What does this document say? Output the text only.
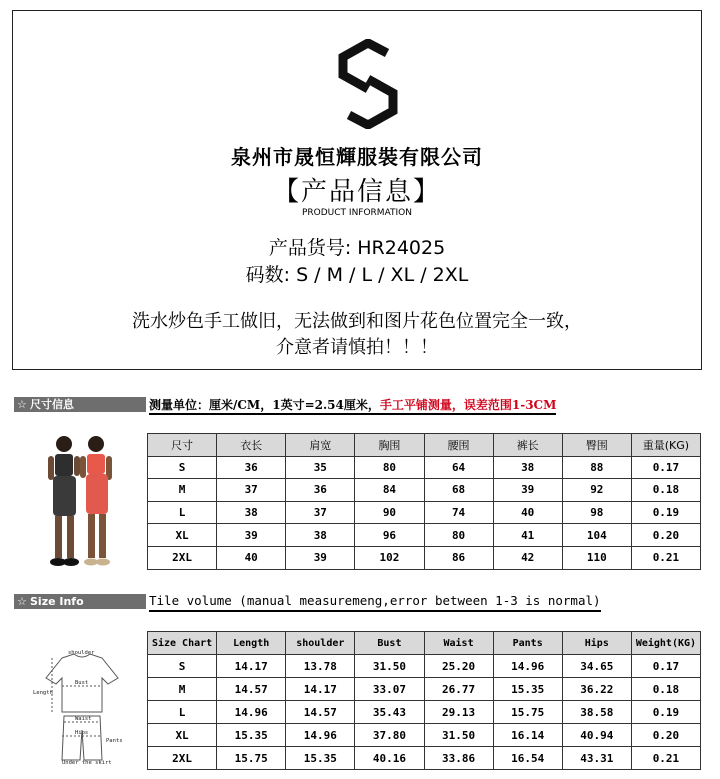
泉州市晟恒輝服裝有限公司
【产品信息】
PRODUCT INFORMATION
产品货号: HR24025
码数: S / M / L / XL / 2XL
洗水炒色手工做旧，无法做到和图片花色位置完全一致，
介意者请慎拍！！！
☆ 尺寸信息	测量单位：厘米/CM，1英寸=2.54厘米，手工平铺测量，误差范围1-3CM
尺寸	衣长	肩宽	胸围	腰围	裤长	臀围	重量(KG)
S	36	35	80	64	38	88	0.17
M	37	36	84	68	39	92	0.18
L	38	37	90	74	40	98	0.19
XL	39	38	96	80	41	104	0.20
2XL	40	39	102	86	42	110	0.21
☆ Size Info	Tile volume (manual measuremeng,error between 1-3 is normal)
shoulder
Bust
Waist
Hips
Length
Pants
Under the skirt
Size Chart	Length	shoulder	Bust	Waist	Pants	Hips	Weight(KG)
S	14.17	13.78	31.50	25.20	14.96	34.65	0.17
M	14.57	14.17	33.07	26.77	15.35	36.22	0.18
L	14.96	14.57	35.43	29.13	15.75	38.58	0.19
XL	15.35	14.96	37.80	31.50	16.14	40.94	0.20
2XL	15.75	15.35	40.16	33.86	16.54	43.31	0.21
